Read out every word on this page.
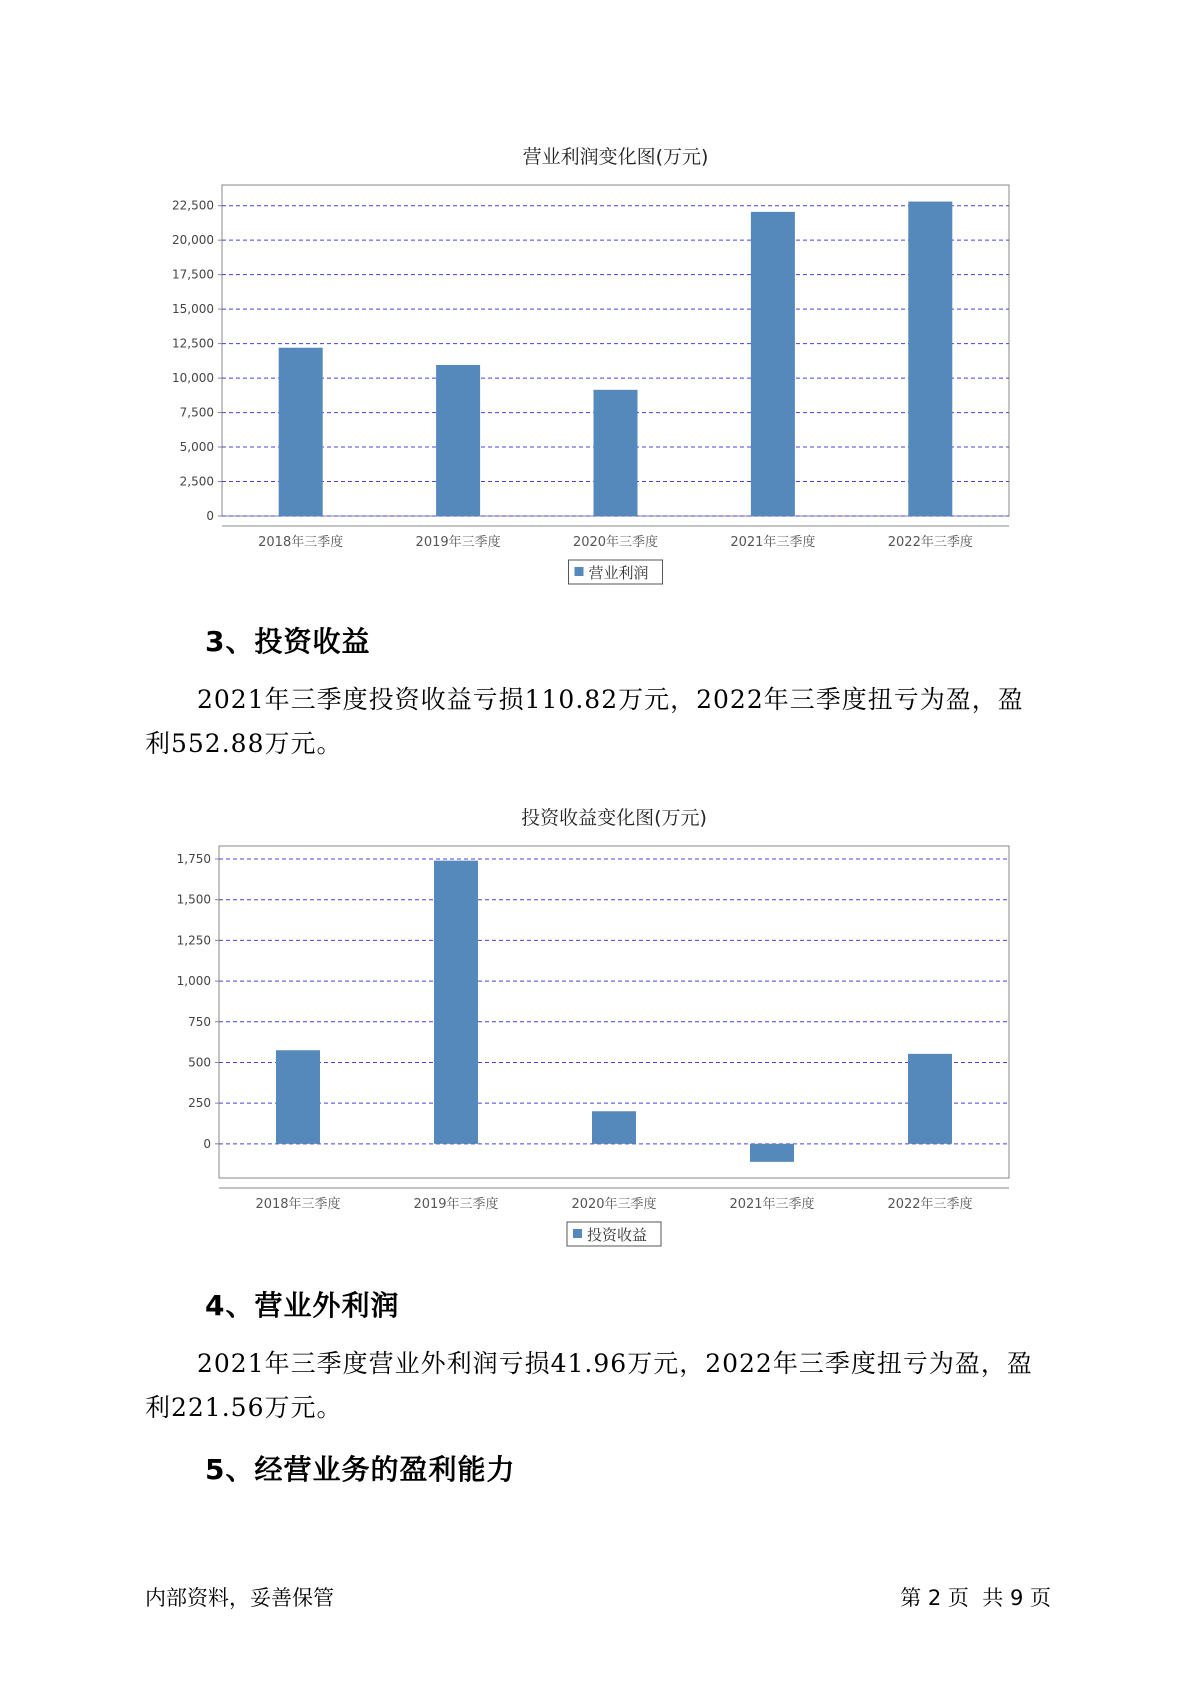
营业利润变化图(万元)
0
2,500
5,000
7,500
10,000
12,500
15,000
17,500
20,000
22,500
2018年三季度	2019年三季度	2020年三季度	2021年三季度	2022年三季度
营业利润
投资收益变化图(万元)
0
250
500
750
1,000
1,250
1,500
1,750
2018年三季度	2019年三季度	2020年三季度	2021年三季度	2022年三季度
投资收益
3、投资收益
2021年三季度投资收益亏损110.82万元，2022年三季度扭亏为盈，盈
利552.88万元。
4、营业外利润
2021年三季度营业外利润亏损41.96万元，2022年三季度扭亏为盈，盈
利221.56万元。
5、经营业务的盈利能力
内部资料，妥善保管	第 2 页  共 9 页
